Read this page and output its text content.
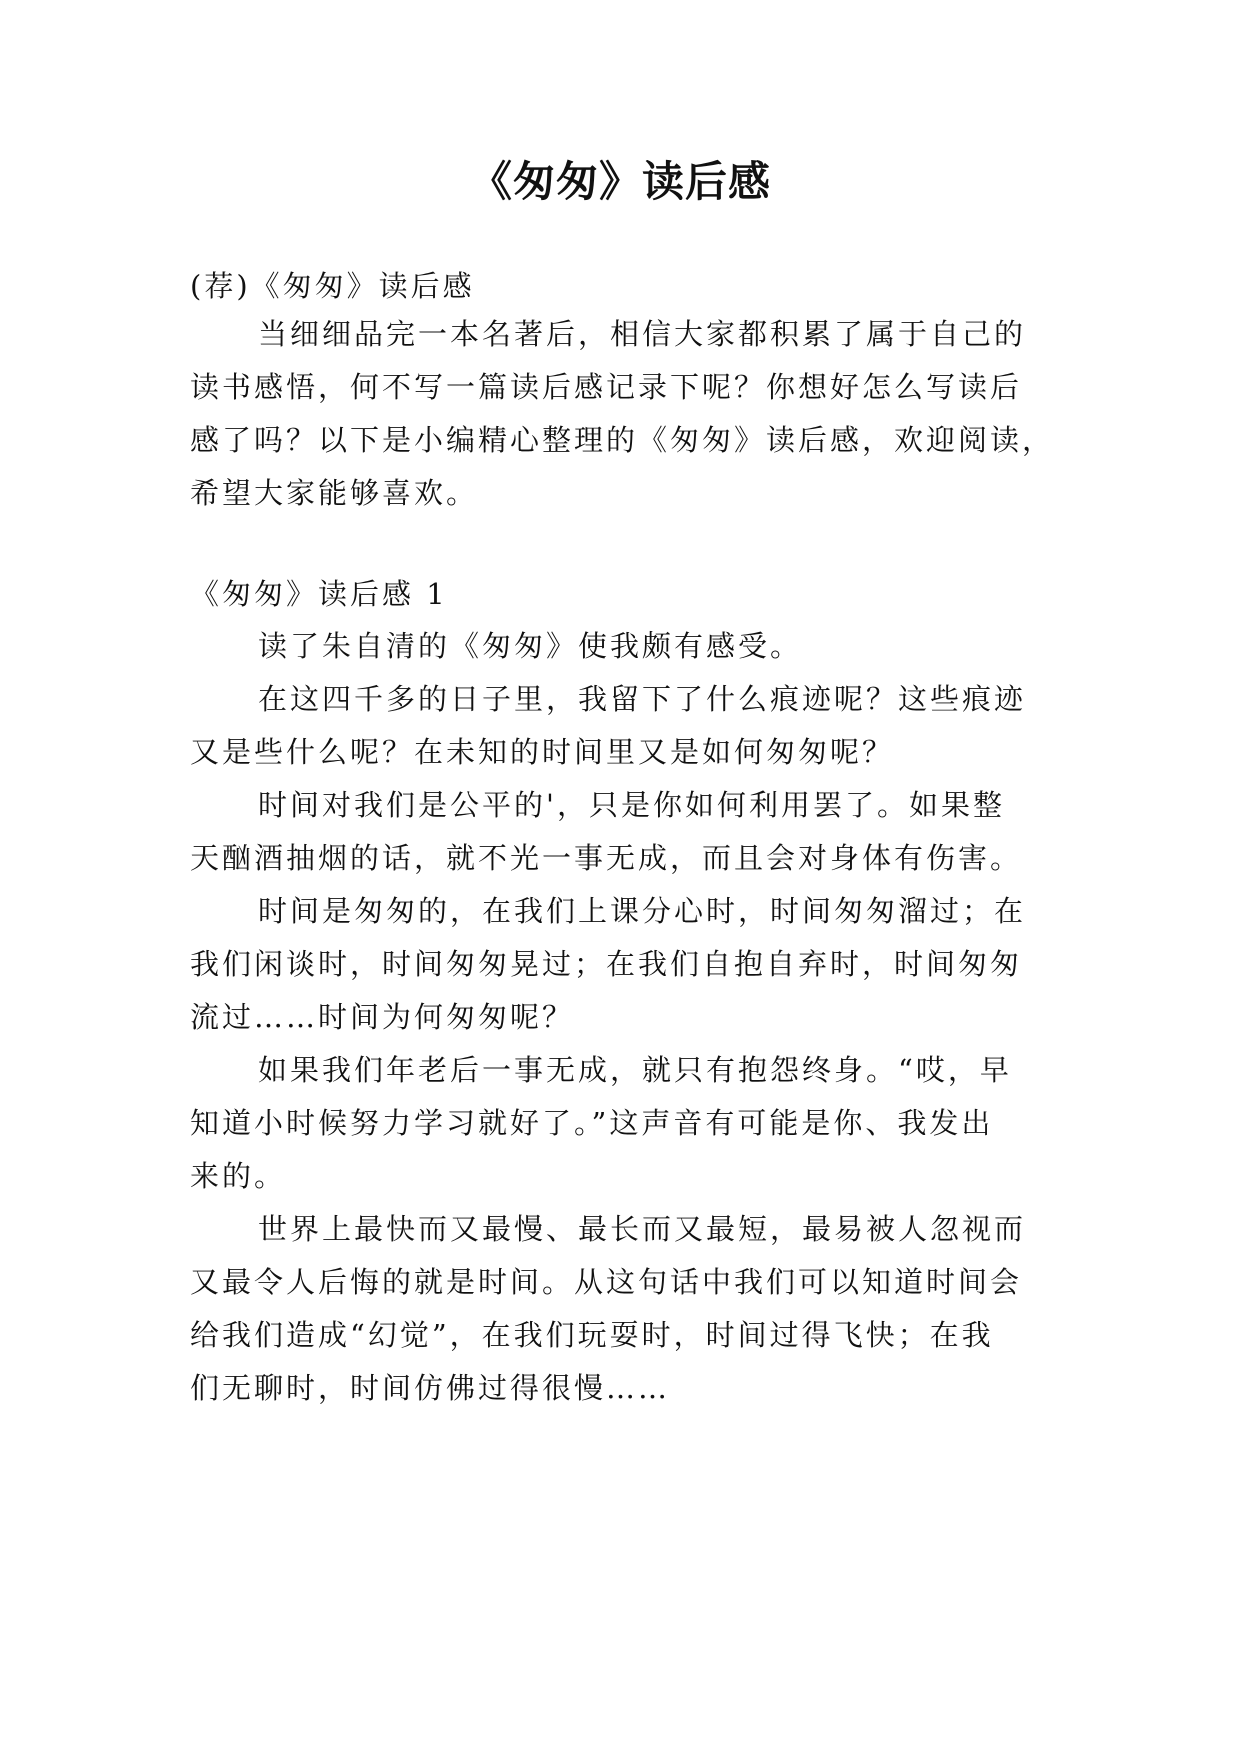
《匆匆》读后感
(荐)《匆匆》读后感
当细细品完一本名著后，相信大家都积累了属于自己的
读书感悟，何不写一篇读后感记录下呢？你想好怎么写读后
感了吗？以下是小编精心整理的《匆匆》读后感，欢迎阅读，
希望大家能够喜欢。
《匆匆》读后感 1
读了朱自清的《匆匆》使我颇有感受。
在这四千多的日子里，我留下了什么痕迹呢？这些痕迹
又是些什么呢？在未知的时间里又是如何匆匆呢？
时间对我们是公平的'，只是你如何利用罢了。如果整
天酗酒抽烟的话，就不光一事无成，而且会对身体有伤害。
时间是匆匆的，在我们上课分心时，时间匆匆溜过；在
我们闲谈时，时间匆匆晃过；在我们自抱自弃时，时间匆匆
流过……时间为何匆匆呢？
如果我们年老后一事无成，就只有抱怨终身。“哎，早
知道小时候努力学习就好了。”这声音有可能是你、我发出
来的。
世界上最快而又最慢、最长而又最短，最易被人忽视而
又最令人后悔的就是时间。从这句话中我们可以知道时间会
给我们造成“幻觉”，在我们玩耍时，时间过得飞快；在我
们无聊时，时间仿佛过得很慢……
